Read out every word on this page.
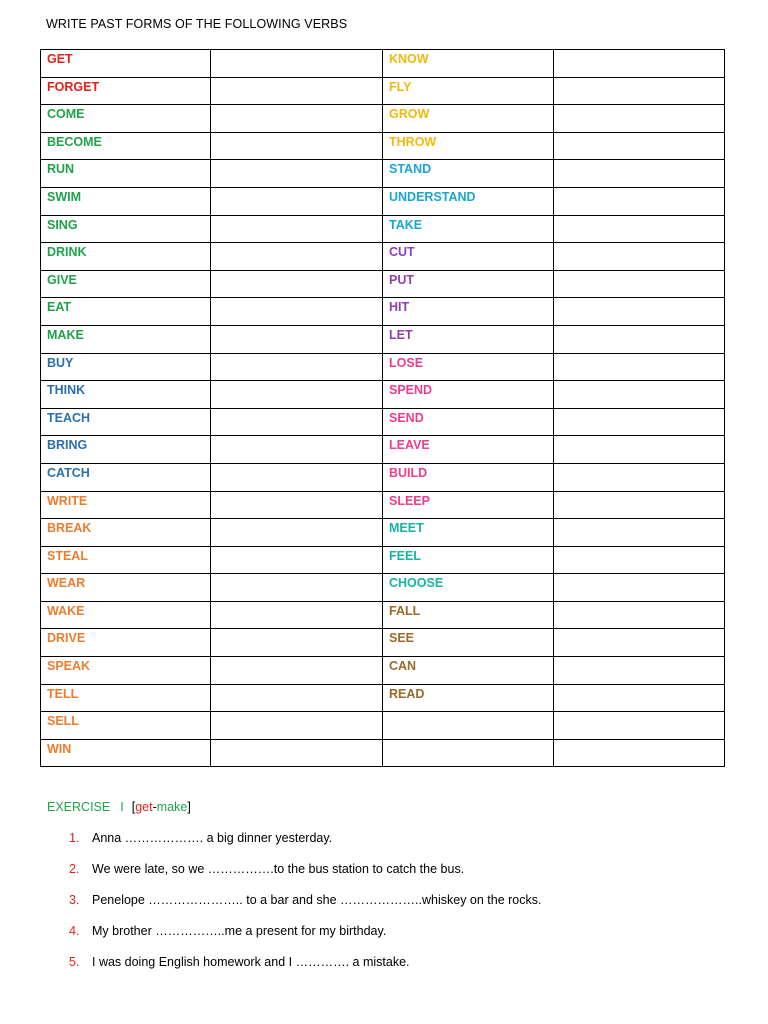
WRITE PAST FORMS OF THE FOLLOWING VERBS
GET		KNOW	
FORGET		FLY	
COME		GROW	
BECOME		THROW	
RUN		STAND	
SWIM		UNDERSTAND	
SING		TAKE	
DRINK		CUT	
GIVE		PUT	
EAT		HIT	
MAKE		LET	
BUY		LOSE	
THINK		SPEND	
TEACH		SEND	
BRING		LEAVE	
CATCH		BUILD	
WRITE		SLEEP	
BREAK		MEET	
STEAL		FEEL	
WEAR		CHOOSE	
WAKE		FALL	
DRIVE		SEE	
SPEAK		CAN	
TELL		READ	
SELL			
WIN			
EXERCISE I [get-make]
1.	Anna ………………. a big dinner yesterday.
2.	We were late, so we …………….to the bus station to catch the bus.
3.	Penelope ………………….. to a bar and she ………………..whiskey on the rocks.
4.	My brother ……………..me a present for my birthday.
5.	I was doing English homework and I …………. a mistake.
